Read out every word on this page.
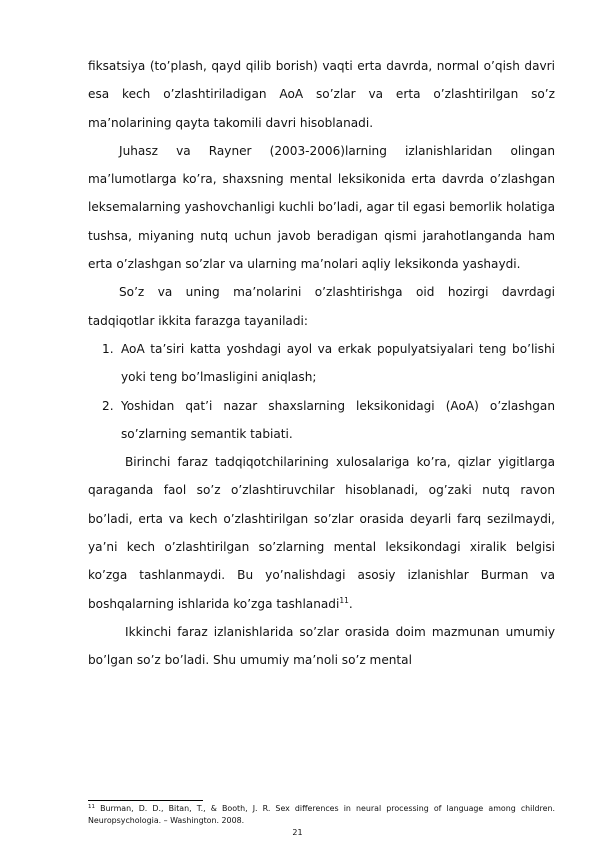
fiksatsiya (to’plash, qayd qilib borish) vaqti erta davrda, normal o’qish davri esa kech o’zlashtiriladigan AoA so’zlar va erta o’zlashtirilgan so’z ma’nolarining qayta takomili davri hisoblanadi.

Juhasz va Rayner (2003-2006)larning izlanishlaridan olingan ma’lumotlarga ko’ra, shaxsning mental leksikonida erta davrda o’zlashgan leksemalarning yashovchanligi kuchli bo’ladi, agar til egasi bemorlik holatiga tushsa, miyaning nutq uchun javob beradigan qismi jarahotlanganda ham erta o’zlashgan so’zlar va ularning ma’nolari aqliy leksikonda yashaydi.

So’z va uning ma’nolarini o’zlashtirishga oid hozirgi davrdagi tadqiqotlar ikkita farazga tayaniladi:

1. AoA ta’siri katta yoshdagi ayol va erkak populyatsiyalari teng bo’lishi yoki teng bo’lmasligini aniqlash;
2. Yoshidan qat’i nazar shaxslarning leksikonidagi (AoA) o’zlashgan so’zlarning semantik tabiati.

Birinchi faraz tadqiqotchilarining xulosalariga ko’ra, qizlar yigitlarga qaraganda faol so’z o’zlashtiruvchilar hisoblanadi, og’zaki nutq ravon bo’ladi, erta va kech o’zlashtirilgan so’zlar orasida deyarli farq sezilmaydi, ya’ni kech o’zlashtirilgan so’zlarning mental leksikondagi xiralik belgisi ko’zga tashlanmaydi. Bu yo’nalishdagi asosiy izlanishlar Burman va boshqalarning ishlarida ko’zga tashlanadi$^{11}$.

Ikkinchi faraz izlanishlarida so’zlar orasida doim mazmunan umumiy bo’lgan so’z bo’ladi. Shu umumiy ma’noli so’z mental

$^{11}$ Burman, D. D., Bitan, T., & Booth, J. R. Sex differences in neural processing of language among children. Neuropsychologia. – Washington. 2008.
21
